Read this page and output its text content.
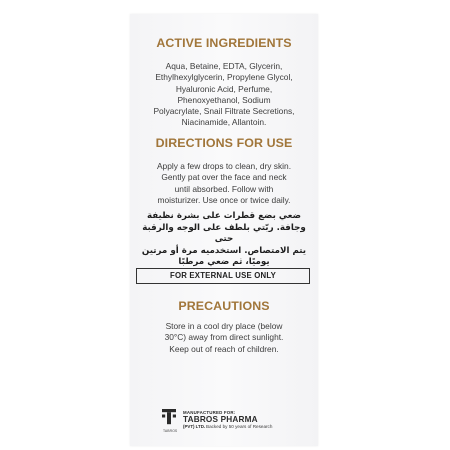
ACTIVE INGREDIENTS
Aqua, Betaine, EDTA, Glycerin,
Ethylhexylglycerin, Propylene Glycol,
Hyaluronic Acid, Perfume,
Phenoxyethanol, Sodium
Polyacrylate, Snail Filtrate Secretions,
Niacinamide, Allantoin.
DIRECTIONS FOR USE
Apply a few drops to clean, dry skin.
Gently pat over the face and neck
until absorbed. Follow with
moisturizer. Use once or twice daily.
ضعي بضع قطرات على بشرة نظيفة
وجافة. ربّتي بلطف على الوجه والرقبة حتى
يتم الامتصاص. استخدميه مرة أو مرتين
يوميًا، ثم ضعي مرطبًا
FOR EXTERNAL USE ONLY
PRECAUTIONS
Store in a cool dry place (below
30°C) away from direct sunlight.
Keep out of reach of children.
TABROS
MANUFACTURED FOR:
TABROS PHARMA
(PVT) LTD. Backed by 50 years of Research
